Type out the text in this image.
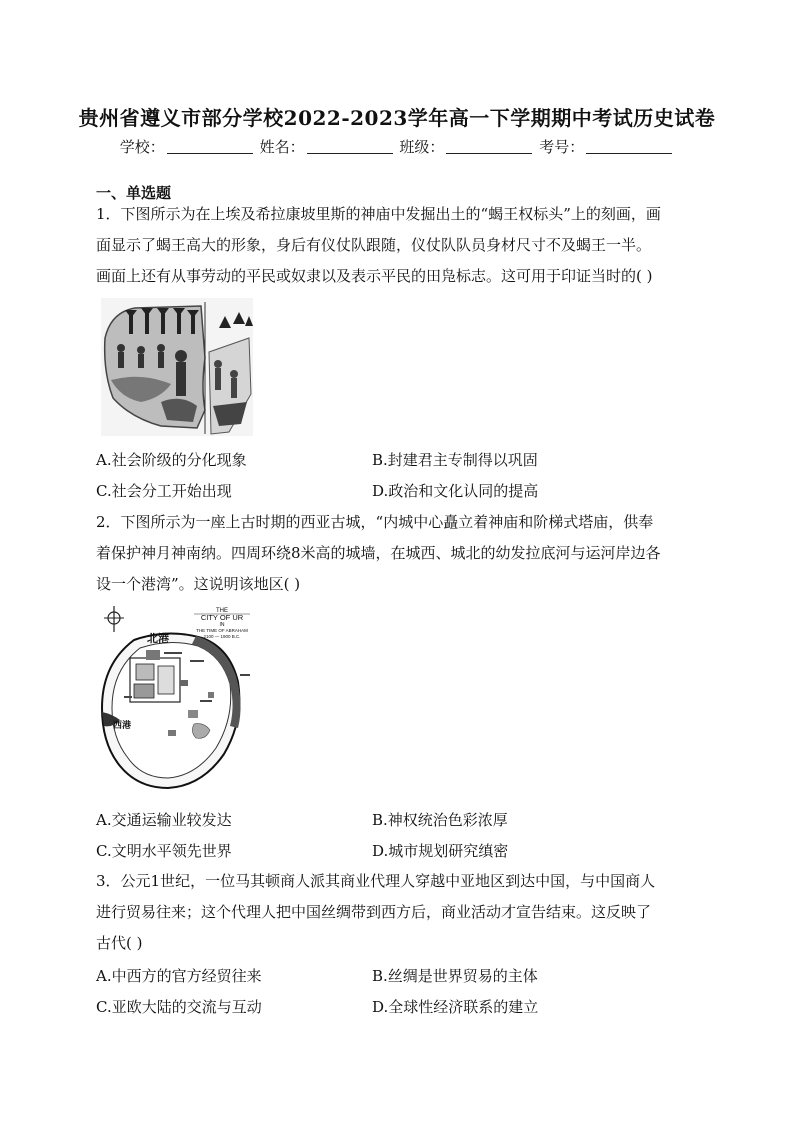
贵州省遵义市部分学校2022-2023学年高一下学期期中考试历史试卷
学校：	姓名：	班级：	考号：
一、单选题
1．下图所示为在上埃及希拉康坡里斯的神庙中发掘出土的“蝎王权标头”上的刻画，画
面显示了蝎王高大的形象，身后有仪仗队跟随，仪仗队队员身材尺寸不及蝎王一半。
画面上还有从事劳动的平民或奴隶以及表示平民的田凫标志。这可用于印证当时的( )
A.社会阶级的分化现象	B.封建君主专制得以巩固
C.社会分工开始出现	D.政治和文化认同的提高
2．下图所示为一座上古时期的西亚古城，“内城中心矗立着神庙和阶梯式塔庙，供奉
着保护神月神南纳。四周环绕8米高的城墙，在城西、城北的幼发拉底河与运河岸边各
设一个港湾”。这说明该地区( )
THE
CITY OF UR
IN
THE TIME OF ABRAHAM
2100 — 1900 B.C.
北港
西港
A.交通运输业较发达	B.神权统治色彩浓厚
C.文明水平领先世界	D.城市规划研究缜密
3．公元1世纪，一位马其顿商人派其商业代理人穿越中亚地区到达中国，与中国商人
进行贸易往来；这个代理人把中国丝绸带到西方后，商业活动才宣告结束。这反映了
古代( )
A.中西方的官方经贸往来	B.丝绸是世界贸易的主体
C.亚欧大陆的交流与互动	D.全球性经济联系的建立
